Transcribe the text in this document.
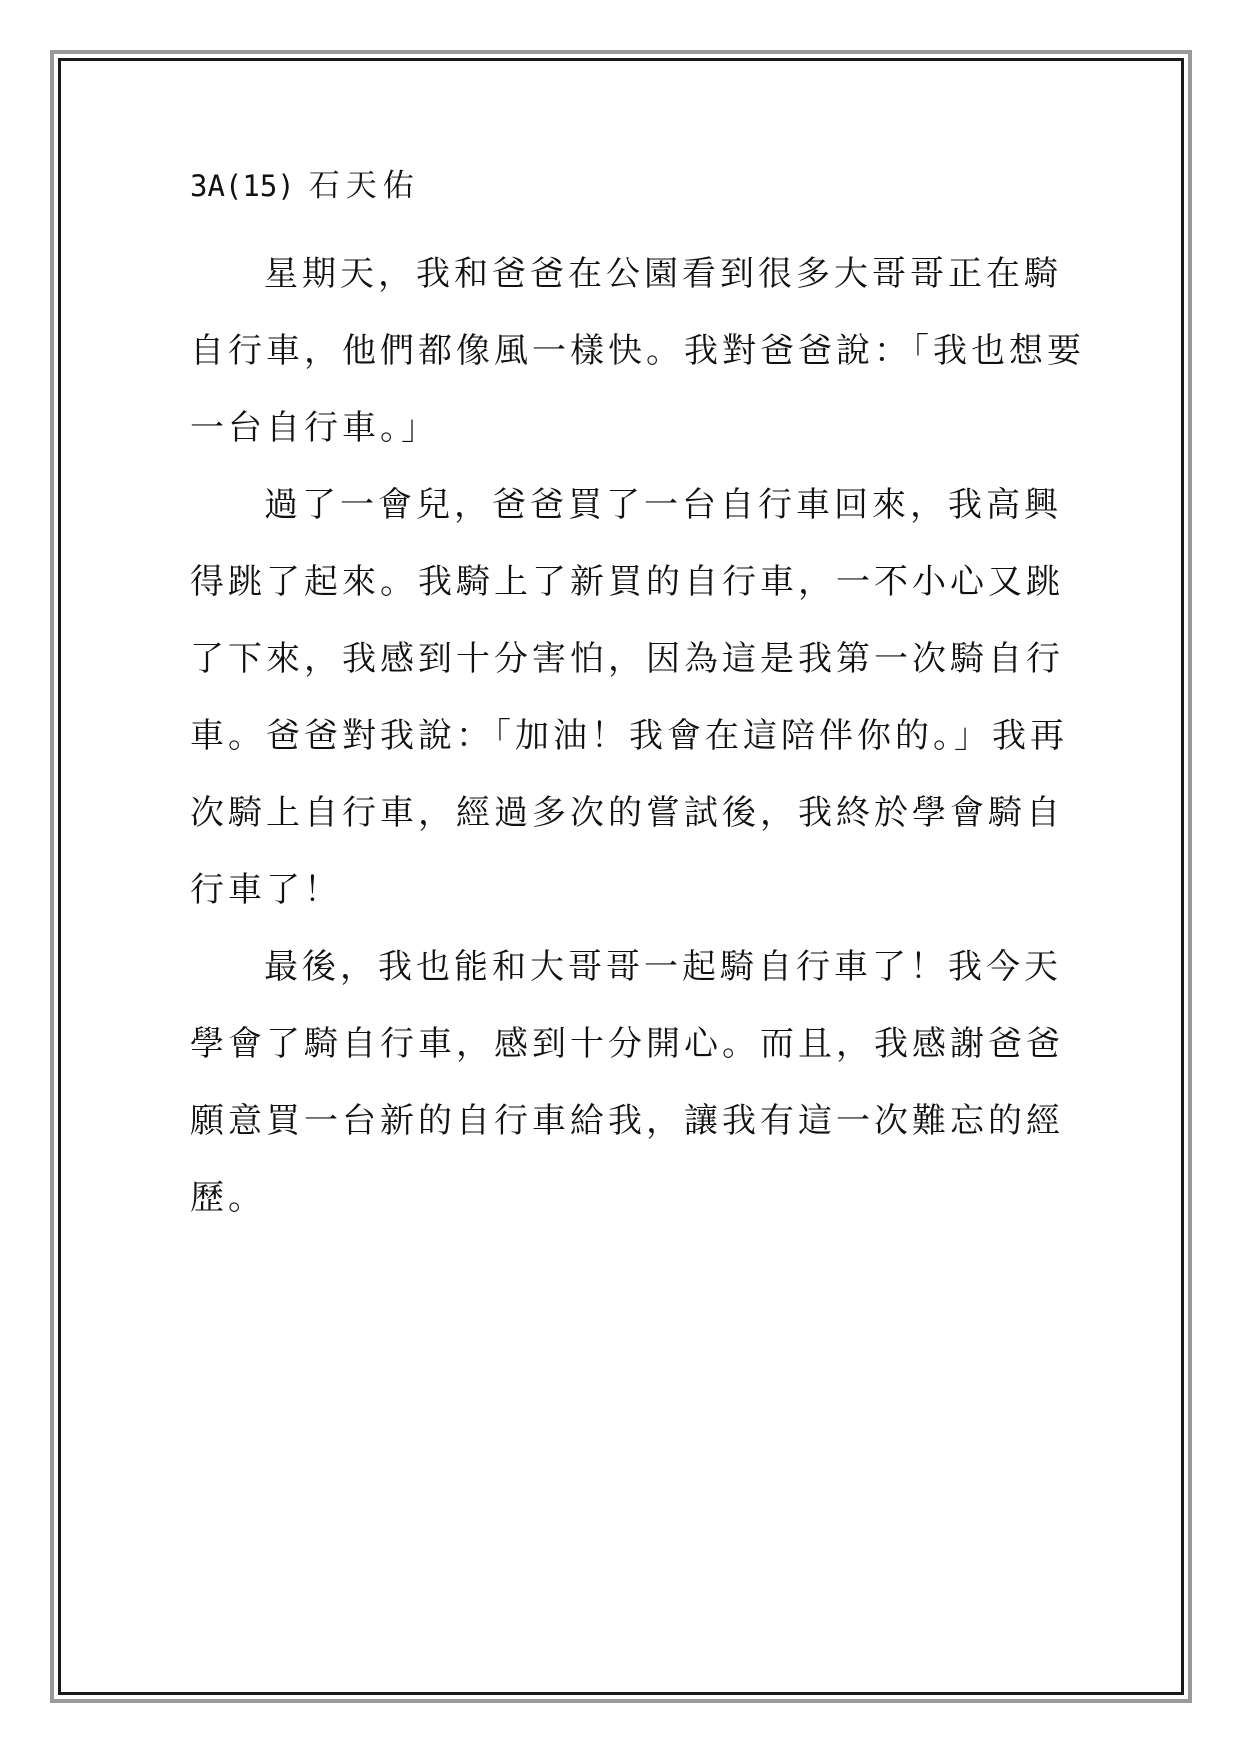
3A(15) 石天佑
星期天，我和爸爸在公園看到很多大哥哥正在騎
自行車，他們都像風一樣快。我對爸爸說：「我也想要
一台自行車。」
過了一會兒，爸爸買了一台自行車回來，我高興
得跳了起來。我騎上了新買的自行車，一不小心又跳
了下來，我感到十分害怕，因為這是我第一次騎自行
車。爸爸對我說：「加油！我會在這陪伴你的。」我再
次騎上自行車，經過多次的嘗試後，我終於學會騎自
行車了！
最後，我也能和大哥哥一起騎自行車了！我今天
學會了騎自行車，感到十分開心。而且，我感謝爸爸
願意買一台新的自行車給我，讓我有這一次難忘的經
歷。
